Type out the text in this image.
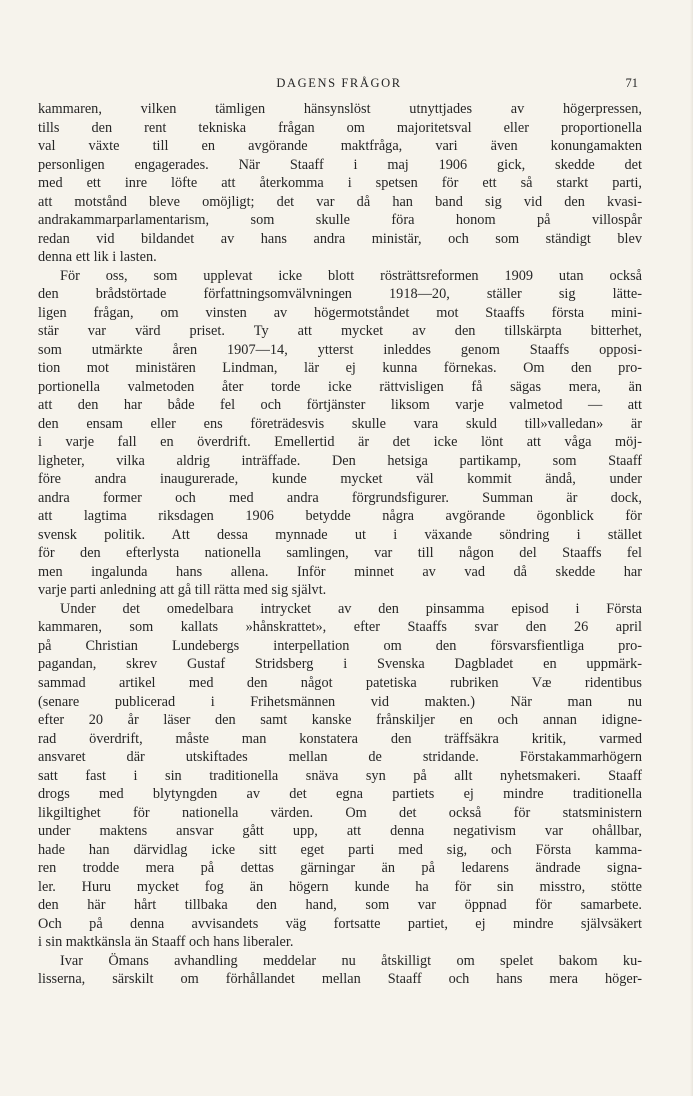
DAGENS FRÅGOR	71
kammaren, vilken tämligen hänsynslöst utnyttjades av högerpressen,
tills den rent tekniska frågan om majoritetsval eller proportionella
val växte till en avgörande maktfråga, vari även konungamakten
personligen engagerades. När Staaff i maj 1906 gick, skedde det
med ett inre löfte att återkomma i spetsen för ett så starkt parti,
att motstånd bleve omöjligt; det var då han band sig vid den kvasi-
andrakammarparlamentarism, som skulle föra honom på villospår
redan vid bildandet av hans andra ministär, och som ständigt blev
denna ett lik i lasten.
För oss, som upplevat icke blott rösträttsreformen 1909 utan också
den brådstörtade författningsomvälvningen 1918—20, ställer sig lätte-
ligen frågan, om vinsten av högermotståndet mot Staaffs första mini-
stär var värd priset. Ty att mycket av den tillskärpta bitterhet,
som utmärkte åren 1907—14, ytterst inleddes genom Staaffs opposi-
tion mot ministären Lindman, lär ej kunna förnekas. Om den pro-
portionella valmetoden åter torde icke rättvisligen få sägas mera, än
att den har både fel och förtjänster liksom varje valmetod — att
den ensam eller ens företrädesvis skulle vara skuld till»valledan» är
i varje fall en överdrift. Emellertid är det icke lönt att våga möj-
ligheter, vilka aldrig inträffade. Den hetsiga partikamp, som Staaff
före andra inaugurerade, kunde mycket väl kommit ändå, under
andra former och med andra förgrundsfigurer. Summan är dock,
att lagtima riksdagen 1906 betydde några avgörande ögonblick för
svensk politik. Att dessa mynnade ut i växande söndring i stället
för den efterlysta nationella samlingen, var till någon del Staaffs fel
men ingalunda hans allena. Inför minnet av vad då skedde har
varje parti anledning att gå till rätta med sig självt.
Under det omedelbara intrycket av den pinsamma episod i Första
kammaren, som kallats »hånskrattet», efter Staaffs svar den 26 april
på Christian Lundebergs interpellation om den försvarsfientliga pro-
pagandan, skrev Gustaf Stridsberg i Svenska Dagbladet en uppmärk-
sammad artikel med den något patetiska rubriken Væ ridentibus
(senare publicerad i Frihetsmännen vid makten.) När man nu
efter 20 år läser den samt kanske frånskiljer en och annan idigne-
rad överdrift, måste man konstatera den träffsäkra kritik, varmed
ansvaret där utskiftades mellan de stridande. Förstakammarhögern
satt fast i sin traditionella snäva syn på allt nyhetsmakeri. Staaff
drogs med blytyngden av det egna partiets ej mindre traditionella
likgiltighet för nationella värden. Om det också för statsministern
under maktens ansvar gått upp, att denna negativism var ohållbar,
hade han därvidlag icke sitt eget parti med sig, och Första kamma-
ren trodde mera på dettas gärningar än på ledarens ändrade signa-
ler. Huru mycket fog än högern kunde ha för sin misstro, stötte
den här hårt tillbaka den hand, som var öppnad för samarbete.
Och på denna avvisandets väg fortsatte partiet, ej mindre självsäkert
i sin maktkänsla än Staaff och hans liberaler.
Ivar Ömans avhandling meddelar nu åtskilligt om spelet bakom ku-
lisserna, särskilt om förhållandet mellan Staaff och hans mera höger-
